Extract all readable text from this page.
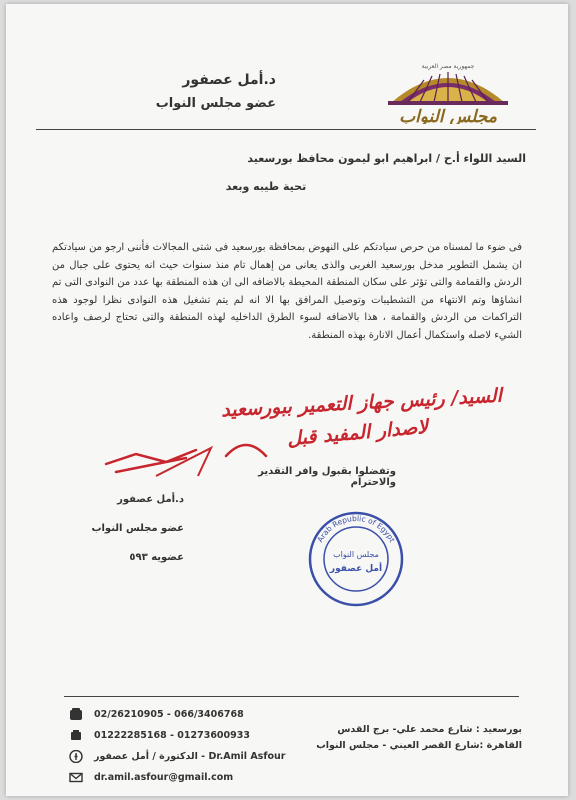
جمهورية مصر العربية
مجلس النواب
د.أمل عصفور
عضو مجلس النواب
السيد اللواء أ.ح / ابراهيم ابو ليمون محافظ بورسعيد
تحية طيبه وبعد
فى ضوء ما لمسناه من حرص سيادتكم على النهوض بمحافظة بورسعيد فى شتى المجالات فأننى ارجو من سيادتكم ان يشمل التطوير مدخل بورسعيد الغربى والذى يعانى من إهمال تام منذ سنوات حيث انه يحتوى على جبال من الردش والقمامة والتى تؤثر على سكان المنطقة المحيطة بالاضافه الى ان هذه المنطقة بها عدد من النوادى التى تم انشاؤها وتم الانتهاء من التشطيبات وتوصيل المرافق بها الا انه لم يتم تشغيل هذه النوادى نظرا لوجود هذه التراكمات من الردش والقمامة ، هذا بالاضافه لسوء الطرق الداخليه لهذه المنطقة والتى تحتاج لرصف واعاده الشيء لاصله واستكمال أعمال الانارة بهذه المنطقة.
السيد/ رئيس جهاز التعمير ببورسعيد
لاصدار المفيد قبل
وتفضلوا بقبول وافر التقدير والاحترام
د.أمل عصفور
عضو مجلس النواب
عضويه ٥٩٣
Arab Republic of Egypt
مجلس النواب
أمل عصفور
02/26210905 - 066/3406768
01222285168 - 01273600933
Dr.Amil Asfour - الدكتورة / أمل عصفور
dr.amil.asfour@gmail.com
بورسعيد : شارع محمد علي- برج القدس
القاهرة :شارع القصر العيني - مجلس النواب
